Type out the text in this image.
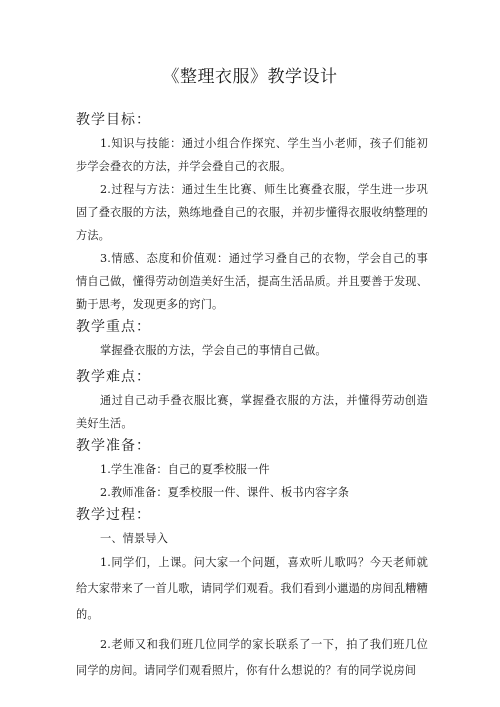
《整理衣服》教学设计
教学目标：

1.知识与技能：通过小组合作探究、学生当小老师，孩子们能初步学会叠衣的方法，并学会叠自己的衣服。

2.过程与方法：通过生生比赛、师生比赛叠衣服，学生进一步巩固了叠衣服的方法，熟练地叠自己的衣服，并初步懂得衣服收纳整理的方法。

3.情感、态度和价值观：通过学习叠自己的衣物，学会自己的事情自己做，懂得劳动创造美好生活，提高生活品质。并且要善于发现、勤于思考，发现更多的窍门。

教学重点：

掌握叠衣服的方法，学会自己的事情自己做。

教学难点：

通过自己动手叠衣服比赛，掌握叠衣服的方法，并懂得劳动创造美好生活。

教学准备：

1.学生准备：自己的夏季校服一件

2.教师准备：夏季校服一件、课件、板书内容字条

教学过程：

一、情景导入

1.同学们，上课。问大家一个问题，喜欢听儿歌吗？今天老师就给大家带来了一首儿歌，请同学们观看。我们看到小邋遢的房间乱糟糟的。

2.老师又和我们班几位同学的家长联系了一下，拍了我们班几位同学的房间。请同学们观看照片，你有什么想说的？有的同学说房间
